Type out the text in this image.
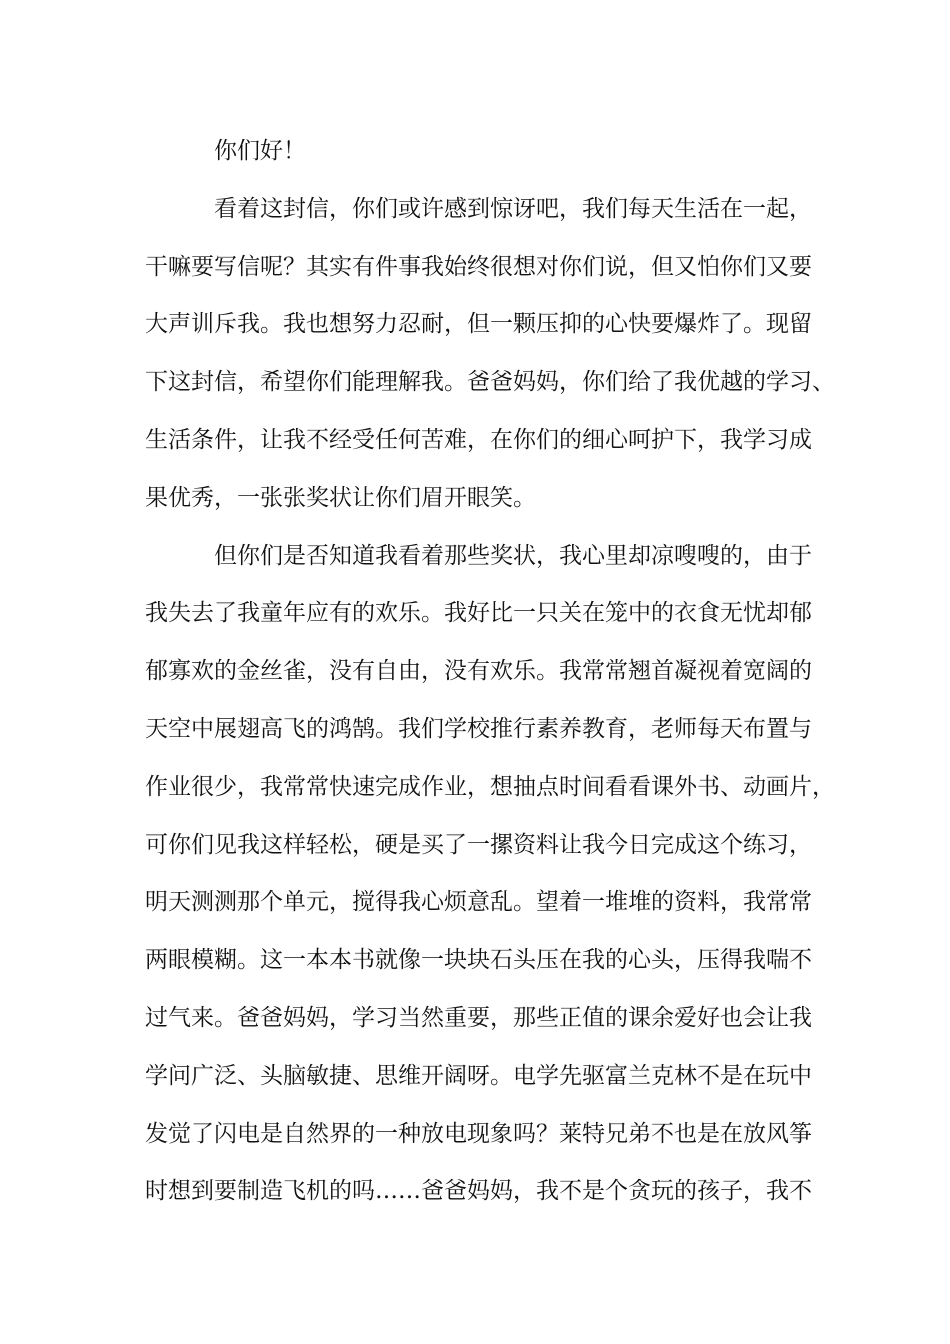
你们好！
看着这封信，你们或许感到惊讶吧，我们每天生活在一起，
干嘛要写信呢？其实有件事我始终很想对你们说，但又怕你们又要
大声训斥我。我也想努力忍耐，但一颗压抑的心快要爆炸了。现留
下这封信，希望你们能理解我。爸爸妈妈，你们给了我优越的学习、
生活条件，让我不经受任何苦难，在你们的细心呵护下，我学习成
果优秀，一张张奖状让你们眉开眼笑。
但你们是否知道我看着那些奖状，我心里却凉嗖嗖的，由于
我失去了我童年应有的欢乐。我好比一只关在笼中的衣食无忧却郁
郁寡欢的金丝雀，没有自由，没有欢乐。我常常翘首凝视着宽阔的
天空中展翅高飞的鸿鹄。我们学校推行素养教育，老师每天布置与
作业很少，我常常快速完成作业，想抽点时间看看课外书、动画片，
可你们见我这样轻松，硬是买了一摞资料让我今日完成这个练习，
明天测测那个单元，搅得我心烦意乱。望着一堆堆的资料，我常常
两眼模糊。这一本本书就像一块块石头压在我的心头，压得我喘不
过气来。爸爸妈妈，学习当然重要，那些正值的课余爱好也会让我
学问广泛、头脑敏捷、思维开阔呀。电学先驱富兰克林不是在玩中
发觉了闪电是自然界的一种放电现象吗？莱特兄弟不也是在放风筝
时想到要制造飞机的吗……爸爸妈妈，我不是个贪玩的孩子，我不
